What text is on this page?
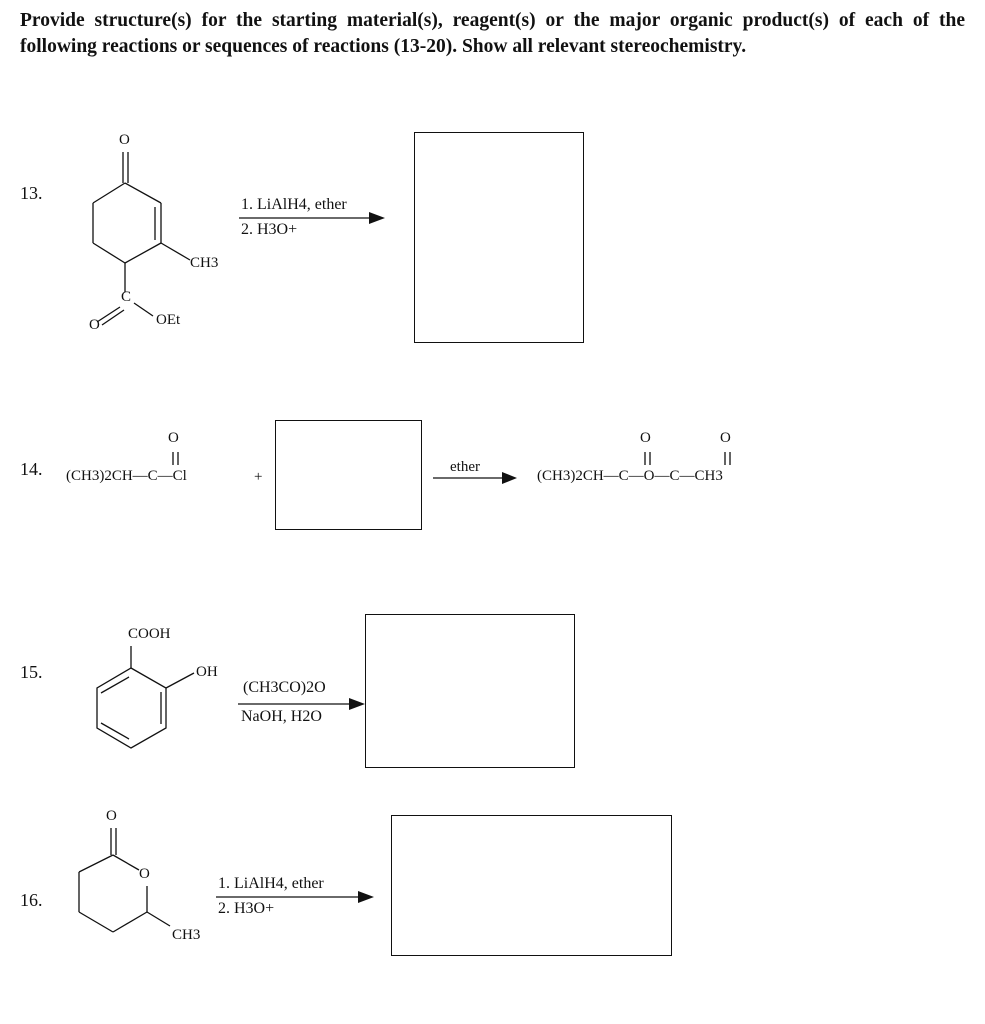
Provide structure(s) for the starting material(s), reagent(s) or the major organic product(s) of each of the following reactions or sequences of reactions (13-20). Show all relevant stereochemistry.
13.
14.
15.
16.
O
CH3
C
O	OEt
1. LiAlH4, ether
2. H3O+
O
(CH3)2CH—C—Cl	+
ether
O	O
(CH3)2CH—C—O—C—CH3
COOH
OH
(CH3CO)2O
NaOH, H2O
O
O
CH3
1. LiAlH4, ether
2. H3O+
